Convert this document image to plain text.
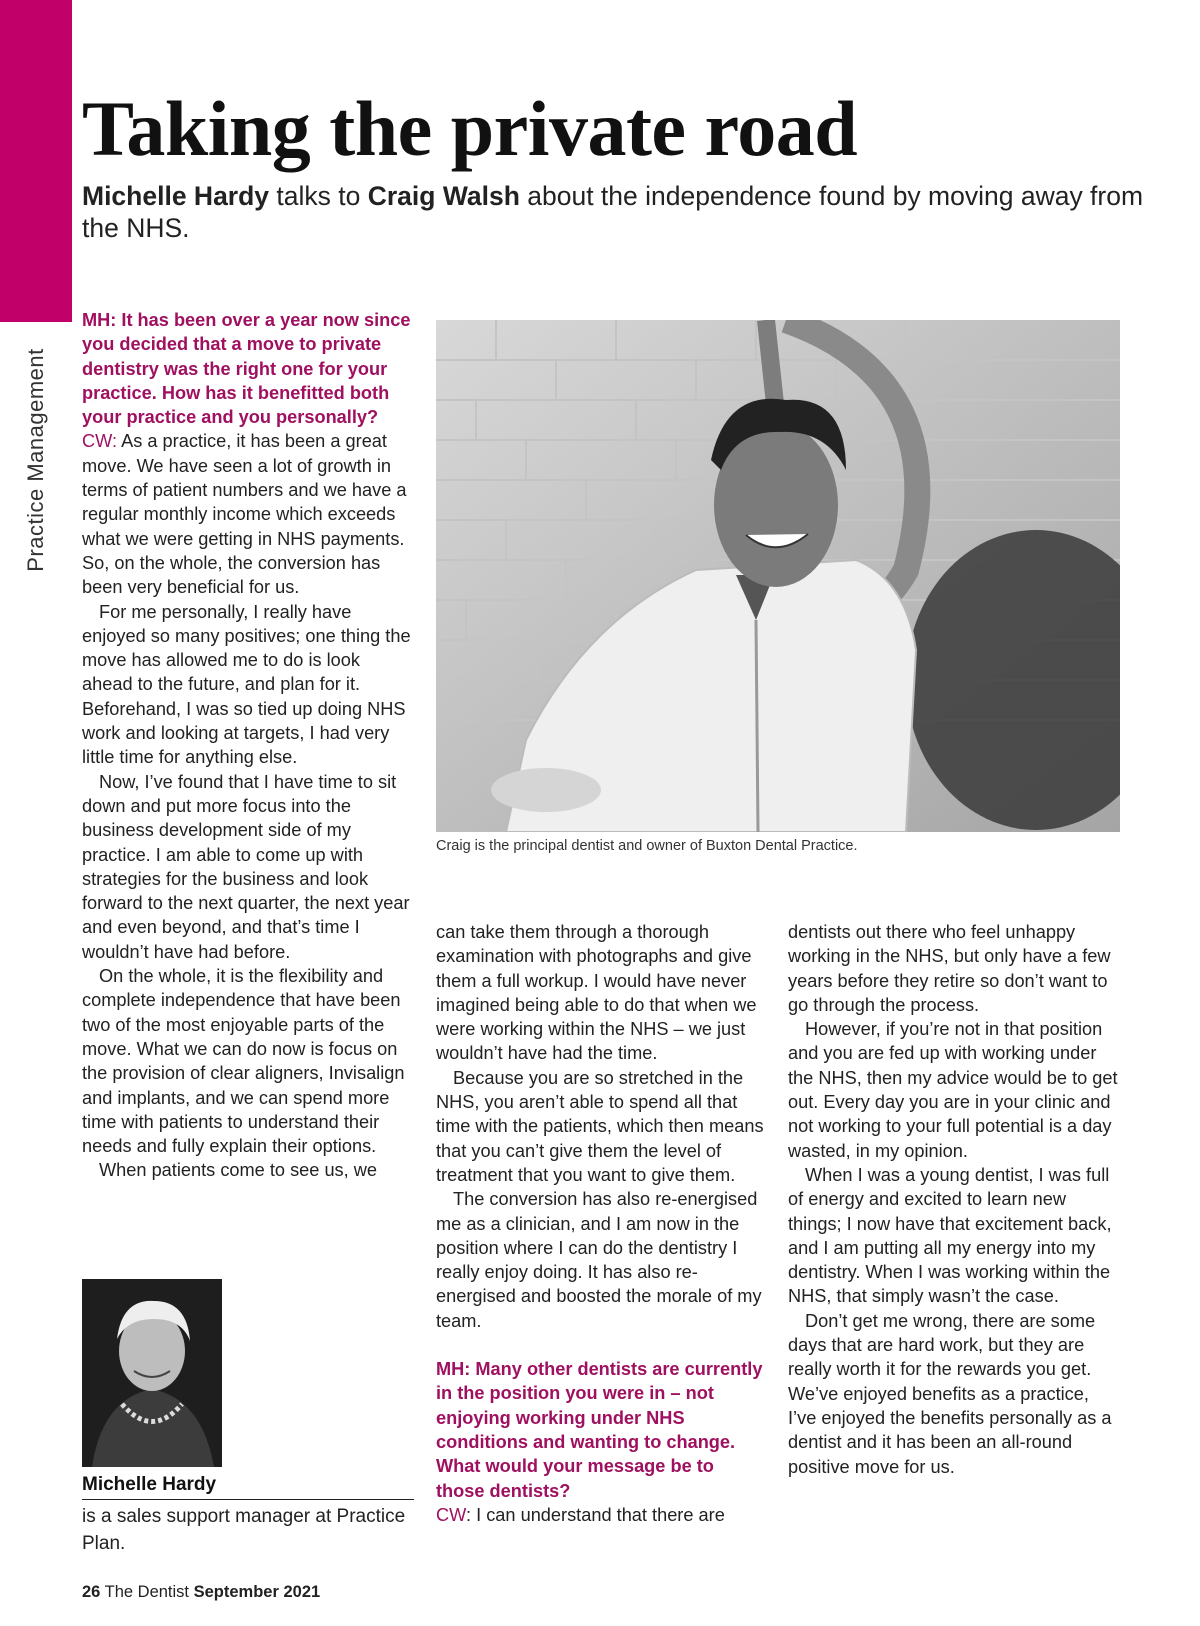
Practice Management
Taking the private road

Michelle Hardy talks to Craig Walsh about the independence found by moving away from the NHS.

MH: It has been over a year now since you decided that a move to private dentistry was the right one for your practice. How has it benefitted both your practice and you personally?

CW: As a practice, it has been a great move. We have seen a lot of growth in terms of patient numbers and we have a regular monthly income which exceeds what we were getting in NHS payments. So, on the whole, the conversion has been very beneficial for us.

For me personally, I really have enjoyed so many positives; one thing the move has allowed me to do is look ahead to the future, and plan for it. Beforehand, I was so tied up doing NHS work and looking at targets, I had very little time for anything else.

Now, I’ve found that I have time to sit down and put more focus into the business development side of my practice. I am able to come up with strategies for the business and look forward to the next quarter, the next year and even beyond, and that’s time I wouldn’t have had before.

On the whole, it is the flexibility and complete independence that have been two of the most enjoyable parts of the move. What we can do now is focus on the provision of clear aligners, Invisalign and implants, and we can spend more time with patients to understand their needs and fully explain their options.

When patients come to see us, we

Craig is the principal dentist and owner of Buxton Dental Practice.

can take them through a thorough examination with photographs and give them a full workup. I would have never imagined being able to do that when we were working within the NHS – we just wouldn’t have had the time.

Because you are so stretched in the NHS, you aren’t able to spend all that time with the patients, which then means that you can’t give them the level of treatment that you want to give them.

The conversion has also re-energised me as a clinician, and I am now in the position where I can do the dentistry I really enjoy doing. It has also re-energised and boosted the morale of my team.

MH: Many other dentists are currently in the position you were in – not enjoying working under NHS conditions and wanting to change. What would your message be to those dentists?

CW: I can understand that there are

dentists out there who feel unhappy working in the NHS, but only have a few years before they retire so don’t want to go through the process.

However, if you’re not in that position and you are fed up with working under the NHS, then my advice would be to get out. Every day you are in your clinic and not working to your full potential is a day wasted, in my opinion.

When I was a young dentist, I was full of energy and excited to learn new things; I now have that excitement back, and I am putting all my energy into my dentistry. When I was working within the NHS, that simply wasn’t the case.

Don’t get me wrong, there are some days that are hard work, but they are really worth it for the rewards you get. We’ve enjoyed benefits as a practice, I’ve enjoyed the benefits personally as a dentist and it has been an all-round positive move for us.

Michelle Hardy
is a sales support manager at Practice Plan.
26 The Dentist September 2021
